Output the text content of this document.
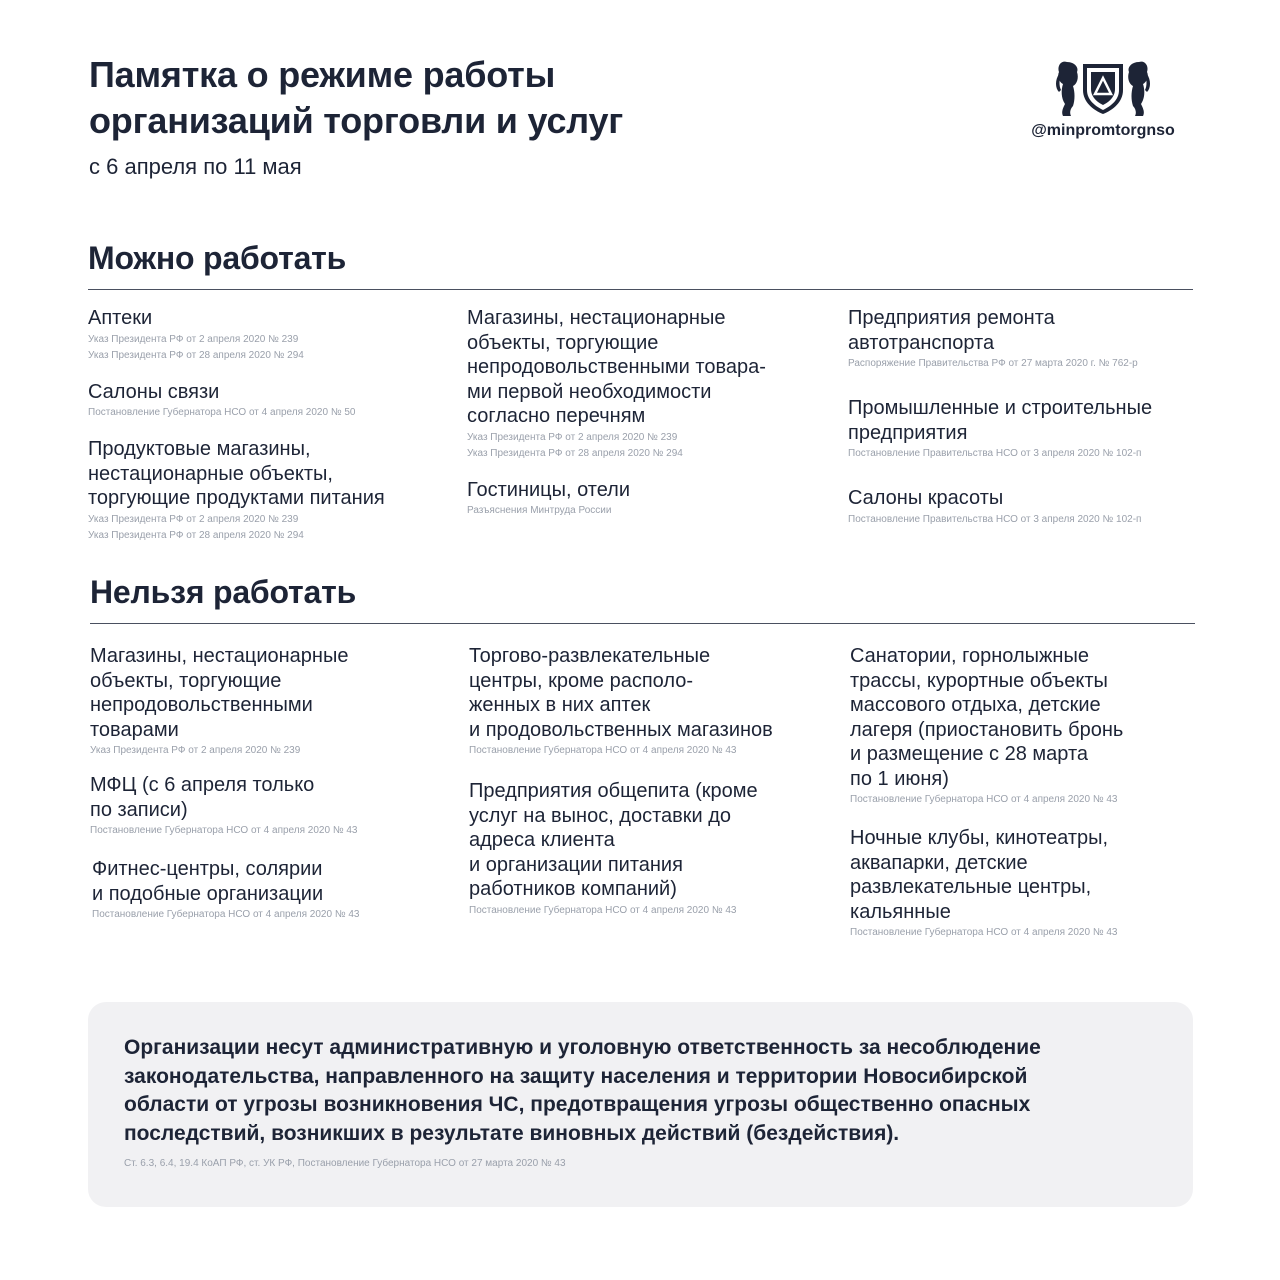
Памятка о режиме работы
организаций торговли и услуг

с 6 апреля по 11 мая

@minpromtorgnso
Можно работать
Аптеки
Указ Президента РФ от 2 апреля 2020 № 239
Указ Президента РФ от 28 апреля 2020 № 294
Салоны связи
Постановление Губернатора НСО от 4 апреля 2020 № 50
Продуктовые магазины,
нестационарные объекты,
торгующие продуктами питания
Указ Президента РФ от 2 апреля 2020 № 239
Указ Президента РФ от 28 апреля 2020 № 294
Магазины, нестационарные
объекты, торгующие
непродовольственными товара-
ми первой необходимости
согласно перечням
Указ Президента РФ от 2 апреля 2020 № 239
Указ Президента РФ от 28 апреля 2020 № 294
Гостиницы, отели
Разъяснения Минтруда России
Предприятия ремонта
автотранспорта
Распоряжение Правительства РФ от 27 марта 2020 г. № 762-р
Промышленные и строительные
предприятия
Постановление Правительства НСО от 3 апреля 2020 № 102-п
Салоны красоты
Постановление Правительства НСО от 3 апреля 2020 № 102-п
Нельзя работать
Магазины, нестационарные
объекты, торгующие
непродовольственными
товарами
Указ Президента РФ от 2 апреля 2020 № 239
МФЦ (с 6 апреля только
по записи)
Постановление Губернатора НСО от 4 апреля 2020 № 43
Фитнес-центры, солярии
и подобные организации
Постановление Губернатора НСО от 4 апреля 2020 № 43
Торгово-развлекательные
центры, кроме располо-
женных в них аптек
и продовольственных магазинов
Постановление Губернатора НСО от 4 апреля 2020 № 43
Предприятия общепита (кроме
услуг на вынос, доставки до
адреса клиента
и организации питания
работников компаний)
Постановление Губернатора НСО от 4 апреля 2020 № 43
Санатории, горнолыжные
трассы, курортные объекты
массового отдыха, детские
лагеря (приостановить бронь
и размещение с 28 марта
по 1 июня)
Постановление Губернатора НСО от 4 апреля 2020 № 43
Ночные клубы, кинотеатры,
аквапарки, детские
развлекательные центры,
кальянные
Постановление Губернатора НСО от 4 апреля 2020 № 43

Организации несут административную и уголовную ответственность за несоблюдение
законодательства, направленного на защиту населения и территории Новосибирской
области от угрозы возникновения ЧС, предотвращения угрозы общественно опасных
последствий, возникших в результате виновных действий (бездействия).

Ст. 6.3, 6.4, 19.4 КоАП РФ, ст. УК РФ, Постановление Губернатора НСО от 27 марта 2020 № 43
